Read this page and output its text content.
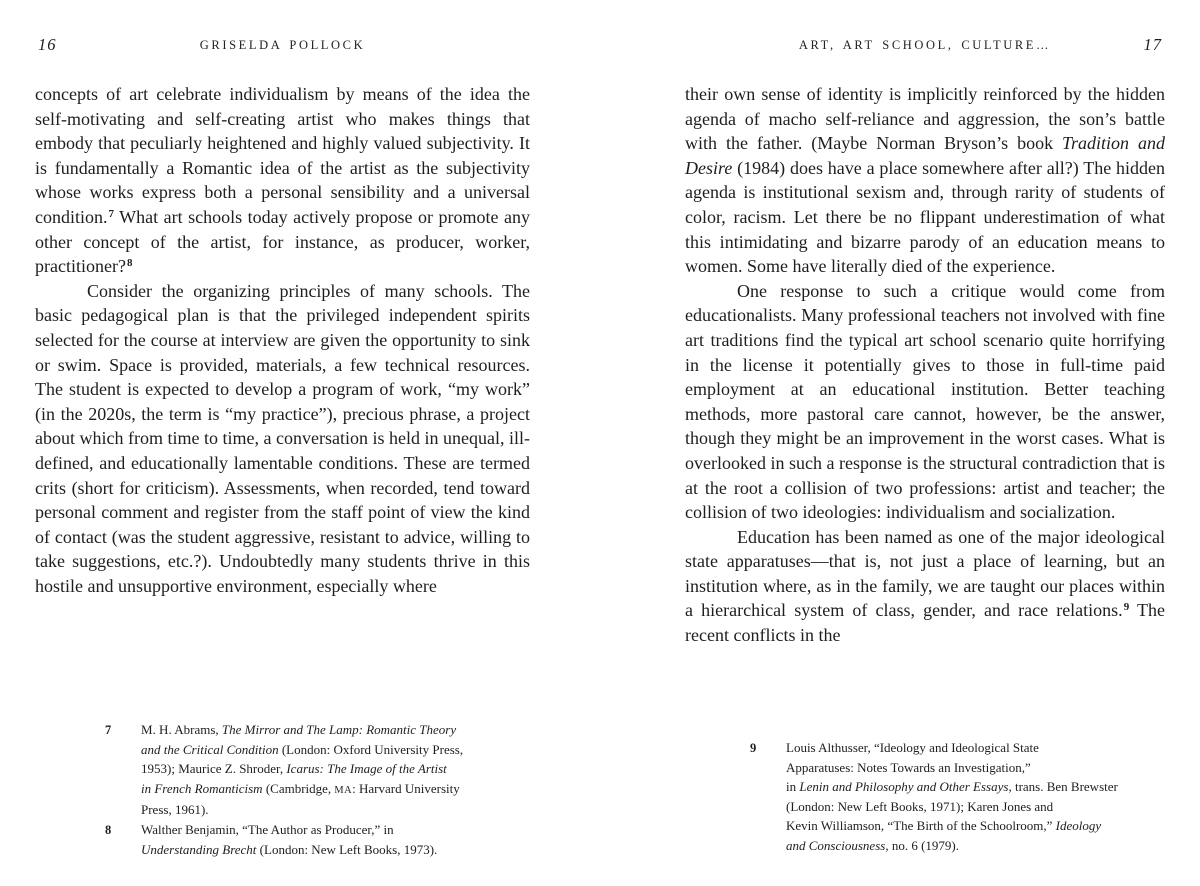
16	GRISELDA POLLOCK

concepts of art celebrate individualism by means of the idea the self-motivating and self-creating artist who makes things that embody that peculiarly heightened and highly valued subjectivity. It is fundamentally a Romantic idea of the artist as the subjectivity whose works express both a personal sensibility and a universal condition.$^7$ What art schools today actively propose or promote any other concept of the artist, for instance, as producer, worker, practitioner?$^8$

Consider the organizing principles of many schools. The basic pedagogical plan is that the privileged independent spirits selected for the course at interview are given the opportunity to sink or swim. Space is provided, materials, a few technical resources. The student is expected to develop a program of work, “my work” (in the 2020s, the term is “my practice”), precious phrase, a project about which from time to time, a conversation is held in unequal, ill-defined, and educationally lamentable conditions. These are termed crits (short for criticism). Assessments, when recorded, tend toward personal comment and register from the staff point of view the kind of contact (was the student aggressive, resistant to advice, willing to take suggestions, etc.?). Undoubtedly many students thrive in this hostile and unsupportive environment, especially where

7	M. H. Abrams, The Mirror and The Lamp: Romantic Theory
and the Critical Condition (London: Oxford University Press,
1953); Maurice Z. Shroder, Icarus: The Image of the Artist
in French Romanticism (Cambridge, MA: Harvard University
Press, 1961).
8	Walther Benjamin, “The Author as Producer,” in
Understanding Brecht (London: New Left Books, 1973).
ART, ART SCHOOL, CULTURE…	17

their own sense of identity is implicitly reinforced by the hidden agenda of macho self-reliance and aggression, the son’s battle with the father. (Maybe Norman Bryson’s book Tradition and Desire (1984) does have a place somewhere after all?) The hidden agenda is institutional sexism and, through rarity of students of color, racism. Let there be no flippant underestimation of what this intimidating and bizarre parody of an education means to women. Some have literally died of the experience.

One response to such a critique would come from educationalists. Many professional teachers not involved with fine art traditions find the typical art school scenario quite horrifying in the license it potentially gives to those in full-time paid employment at an educational institution. Better teaching methods, more pastoral care cannot, however, be the answer, though they might be an improvement in the worst cases. What is overlooked in such a response is the structural contradiction that is at the root a collision of two professions: artist and teacher; the collision of two ideologies: individualism and socialization.

Education has been named as one of the major ideological state apparatuses—that is, not just a place of learning, but an institution where, as in the family, we are taught our places within a hierarchical system of class, gender, and race relations.$^9$ The recent conflicts in the

9	Louis Althusser, “Ideology and Ideological State
Apparatuses: Notes Towards an Investigation,”
in Lenin and Philosophy and Other Essays, trans. Ben Brewster
(London: New Left Books, 1971); Karen Jones and
Kevin Williamson, “The Birth of the Schoolroom,” Ideology
and Consciousness, no. 6 (1979).
